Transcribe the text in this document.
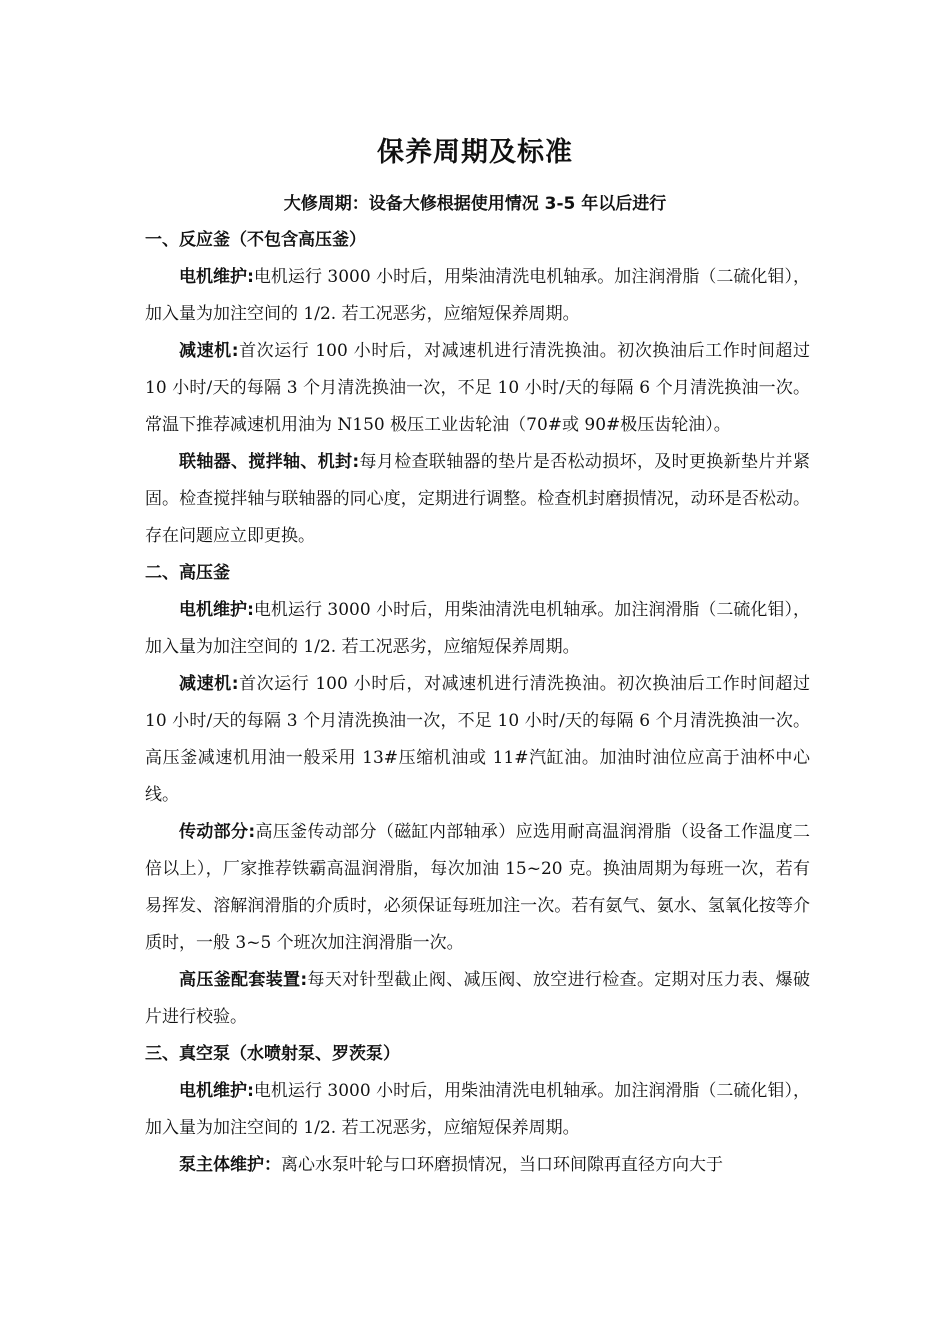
保养周期及标准
大修周期：设备大修根据使用情况 3-5 年以后进行

一、反应釜（不包含高压釜）

电机维护:电机运行 3000 小时后，用柴油清洗电机轴承。加注润滑脂（二硫化钼），加入量为加注空间的 1/2. 若工况恶劣，应缩短保养周期。

减速机:首次运行 100 小时后，对减速机进行清洗换油。初次换油后工作时间超过 10 小时/天的每隔 3 个月清洗换油一次，不足 10 小时/天的每隔 6 个月清洗换油一次。常温下推荐减速机用油为 N150 极压工业齿轮油（70#或 90#极压齿轮油）。

联轴器、搅拌轴、机封:每月检查联轴器的垫片是否松动损坏，及时更换新垫片并紧固。检查搅拌轴与联轴器的同心度，定期进行调整。检查机封磨损情况，动环是否松动。存在问题应立即更换。

二、高压釜

电机维护:电机运行 3000 小时后，用柴油清洗电机轴承。加注润滑脂（二硫化钼），加入量为加注空间的 1/2. 若工况恶劣，应缩短保养周期。

减速机:首次运行 100 小时后，对减速机进行清洗换油。初次换油后工作时间超过 10 小时/天的每隔 3 个月清洗换油一次，不足 10 小时/天的每隔 6 个月清洗换油一次。高压釜减速机用油一般采用 13#压缩机油或 11#汽缸油。加油时油位应高于油杯中心线。

传动部分:高压釜传动部分（磁缸内部轴承）应选用耐高温润滑脂（设备工作温度二倍以上），厂家推荐铁霸高温润滑脂，每次加油 15~20 克。换油周期为每班一次，若有易挥发、溶解润滑脂的介质时，必须保证每班加注一次。若有氨气、氨水、氢氧化按等介质时，一般 3~5 个班次加注润滑脂一次。

高压釜配套装置:每天对针型截止阀、减压阀、放空进行检查。定期对压力表、爆破片进行校验。

三、真空泵（水喷射泵、罗茨泵）

电机维护:电机运行 3000 小时后，用柴油清洗电机轴承。加注润滑脂（二硫化钼），加入量为加注空间的 1/2. 若工况恶劣，应缩短保养周期。

泵主体维护：离心水泵叶轮与口环磨损情况，当口环间隙再直径方向大于
